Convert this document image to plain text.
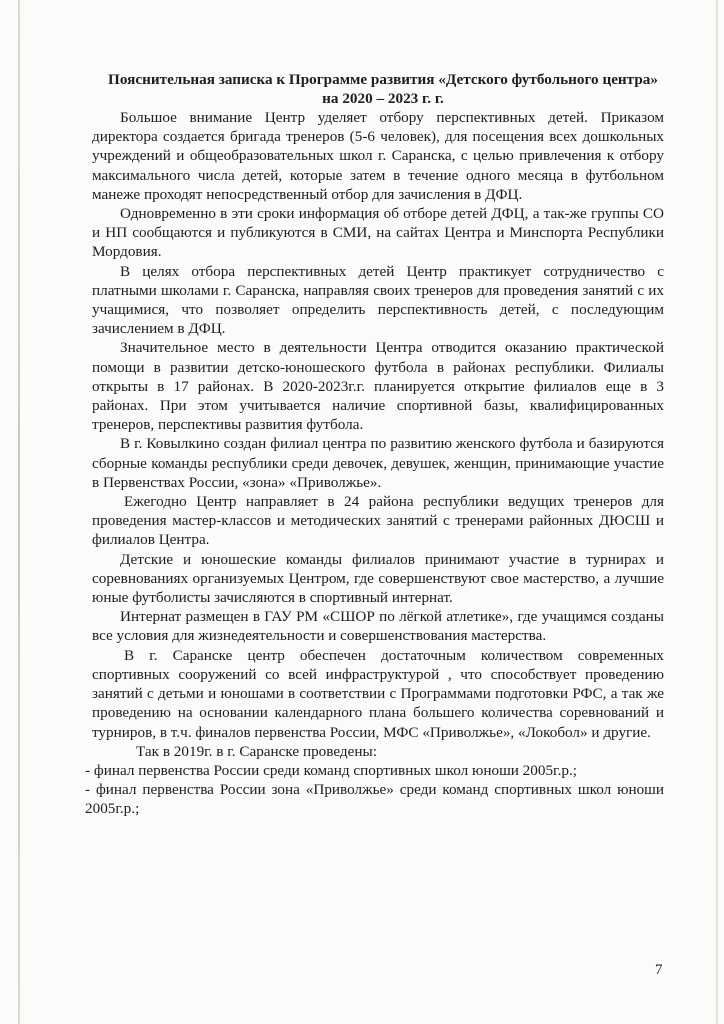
Пояснительная записка к Программе развития «Детского футбольного центра» на 2020 – 2023 г. г.

Большое внимание Центр уделяет отбору перспективных детей. Приказом директора создается бригада тренеров (5-6 человек), для посещения всех дошкольных учреждений и общеобразовательных школ г. Саранска, с целью привлечения к отбору максимального числа детей, которые затем в течение одного месяца в футбольном манеже проходят непосредственный отбор для зачисления в ДФЦ.

Одновременно в эти сроки информация об отборе детей ДФЦ, а так-же группы СО и НП сообщаются и публикуются в СМИ, на сайтах Центра и Минспорта Республики Мордовия.

В целях отбора перспективных детей Центр практикует сотрудничество с платными школами г. Саранска, направляя своих тренеров для проведения занятий с их учащимися, что позволяет определить перспективность детей, с последующим зачислением в ДФЦ.

Значительное место в деятельности Центра отводится оказанию практической помощи в развитии детско-юношеского футбола в районах республики. Филиалы открыты в 17 районах. В 2020-2023г.г. планируется открытие филиалов еще в 3 районах. При этом учитывается наличие спортивной базы, квалифицированных тренеров, перспективы развития футбола.

В г. Ковылкино создан филиал центра по развитию женского футбола и базируются сборные команды республики среди девочек, девушек, женщин, принимающие участие в Первенствах России, «зона» «Приволжье».

Ежегодно Центр направляет в 24 района республики ведущих тренеров для проведения мастер-классов и методических занятий с тренерами районных ДЮСШ и филиалов Центра.

Детские и юношеские команды филиалов принимают участие в турнирах и соревнованиях организуемых Центром, где совершенствуют свое мастерство, а лучшие юные футболисты зачисляются в спортивный интернат.

Интернат размещен в ГАУ РМ «СШОР по лёгкой атлетике», где учащимся созданы все условия для жизнедеятельности и совершенствования мастерства.

В г. Саранске центр обеспечен достаточным количеством современных спортивных сооружений со всей инфраструктурой , что способствует проведению занятий с детьми и юношами в соответствии с Программами подготовки РФС, а так же проведению на основании календарного плана большего количества соревнований и турниров, в т.ч. финалов первенства России, МФС «Приволжье», «Локобол» и другие.

Так в 2019г. в г. Саранске проведены:

- финал первенства России среди команд спортивных школ юноши 2005г.р.;

- финал первенства России зона «Приволжье» среди команд спортивных школ юноши 2005г.р.;

7
